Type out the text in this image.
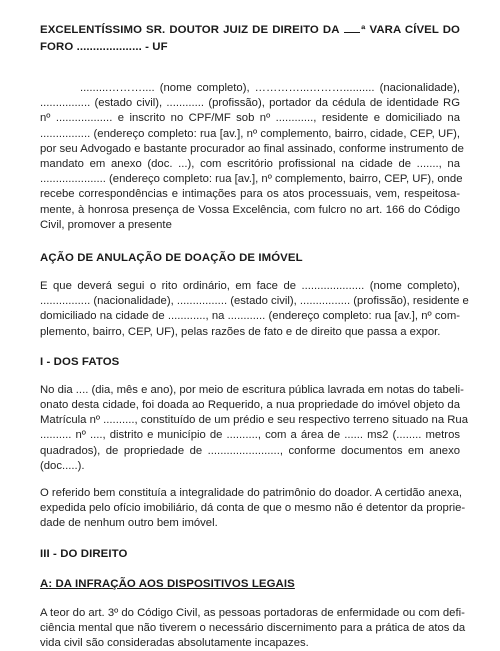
EXCELENTÍSSIMO SR. DOUTOR JUIZ DE DIREITO DA ª VARA CÍVEL DO
FORO .................... - UF
.........……….... (nome completo), …………...……….......... (nacionalidade),
................ (estado civil), ............ (profissão), portador da cédula de identidade RG
nº .................. e inscrito no CPF/MF sob nº ............, residente e domiciliado na
................ (endereço completo: rua [av.], nº complemento, bairro, cidade, CEP, UF),
por seu Advogado e bastante procurador ao final assinado, conforme instrumento de
mandato em anexo (doc. ...), com escritório profissional na cidade de ......., na
..................... (endereço completo: rua [av.], nº complemento, bairro, CEP, UF), onde
recebe correspondências e intimações para os atos processuais, vem, respeitosa-
mente, à honrosa presença de Vossa Excelência, com fulcro no art. 166 do Código
Civil, promover a presente
AÇÃO DE ANULAÇÃO DE DOAÇÃO DE IMÓVEL
E que deverá segui o rito ordinário, em face de .................... (nome completo),
................ (nacionalidade), ................ (estado civil), ................ (profissão), residente e
domiciliado na cidade de ............, na ............ (endereço completo: rua [av.], nº com-
plemento, bairro, CEP, UF), pelas razões de fato e de direito que passa a expor.
I - DOS FATOS
No dia .... (dia, mês e ano), por meio de escritura pública lavrada em notas do tabeli-
onato desta cidade, foi doada ao Requerido, a nua propriedade do imóvel objeto da
Matrícula nº .........., constituído de um prédio e seu respectivo terreno situado na Rua
.......... nº ...., distrito e município de .........., com a área de ...... ms2 (........ metros
quadrados), de propriedade de ......................., conforme documentos em anexo
(doc.....).
O referido bem constituía a integralidade do patrimônio do doador. A certidão anexa,
expedida pelo ofício imobiliário, dá conta de que o mesmo não é detentor da proprie-
dade de nenhum outro bem imóvel.
III - DO DIREITO
A: DA INFRAÇÃO AOS DISPOSITIVOS LEGAIS
A teor do art. 3º do Código Civil, as pessoas portadoras de enfermidade ou com defi-
ciência mental que não tiverem o necessário discernimento para a prática de atos da
vida civil são consideradas absolutamente incapazes.
